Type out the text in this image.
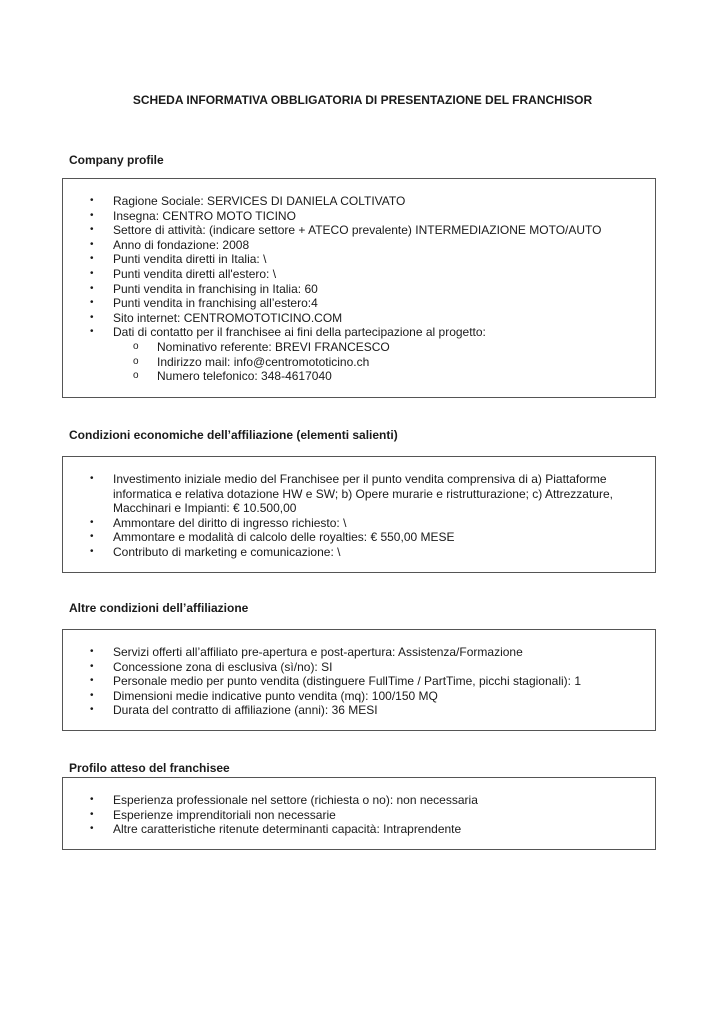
SCHEDA INFORMATIVA OBBLIGATORIA DI PRESENTAZIONE DEL FRANCHISOR
Company profile
• Ragione Sociale: SERVICES DI DANIELA COLTIVATO
• Insegna: CENTRO MOTO TICINO
• Settore di attività: (indicare settore + ATECO prevalente) INTERMEDIAZIONE MOTO/AUTO
• Anno di fondazione: 2008
• Punti vendita diretti in Italia: \
• Punti vendita diretti all'estero: \
• Punti vendita in franchising in Italia: 60
• Punti vendita in franchising all’estero:4
• Sito internet: CENTROMOTOTICINO.COM
• Dati di contatto per il franchisee ai fini della partecipazione al progetto:
o Nominativo referente: BREVI FRANCESCO
o Indirizzo mail: info@centromototicino.ch
o Numero telefonico: 348-4617040
Condizioni economiche dell’affiliazione (elementi salienti)
• Investimento iniziale medio del Franchisee per il punto vendita comprensiva di a) Piattaforme informatica e relativa dotazione HW e SW; b) Opere murarie e ristrutturazione; c) Attrezzature, Macchinari e Impianti: € 10.500,00
• Ammontare del diritto di ingresso richiesto: \
• Ammontare e modalità di calcolo delle royalties: € 550,00 MESE
• Contributo di marketing e comunicazione: \
Altre condizioni dell’affiliazione
• Servizi offerti all’affiliato pre-apertura e post-apertura: Assistenza/Formazione
• Concessione zona di esclusiva (sì/no): SI
• Personale medio per punto vendita (distinguere FullTime / PartTime, picchi stagionali): 1
• Dimensioni medie indicative punto vendita (mq): 100/150 MQ
• Durata del contratto di affiliazione (anni): 36 MESI
Profilo atteso del franchisee
• Esperienza professionale nel settore (richiesta o no): non necessaria
• Esperienze imprenditoriali non necessarie
• Altre caratteristiche ritenute determinanti capacità: Intraprendente
